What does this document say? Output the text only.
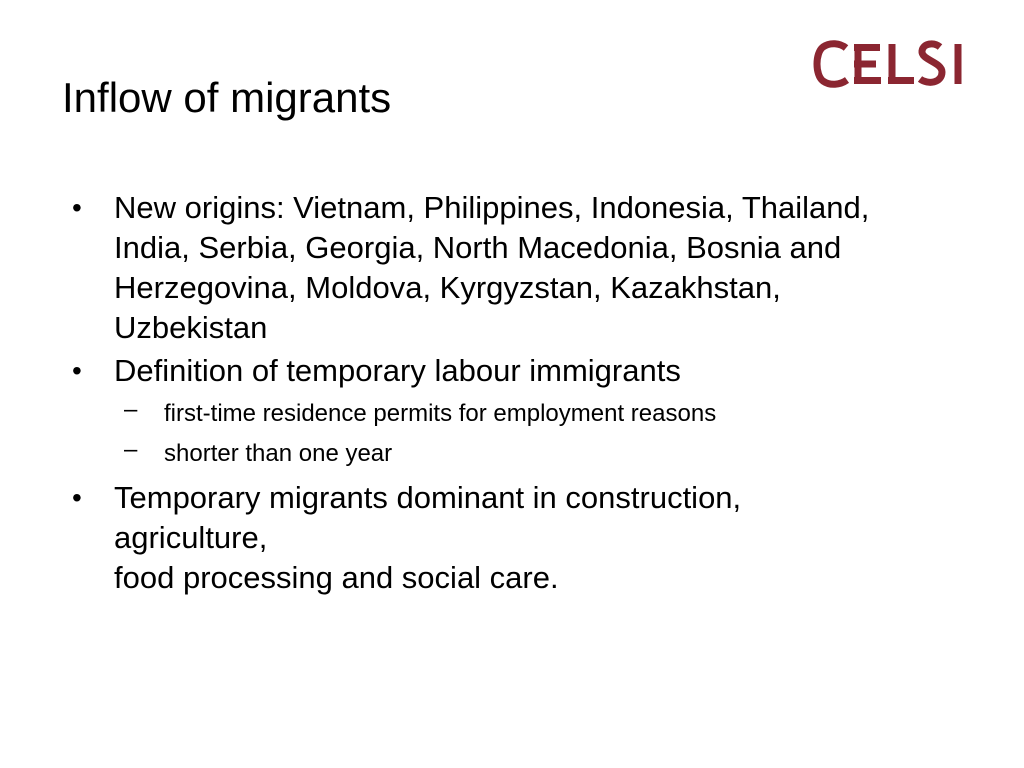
Inflow of migrants
• New origins: Vietnam, Philippines, Indonesia, Thailand,
India, Serbia, Georgia, North Macedonia, Bosnia and
Herzegovina, Moldova, Kyrgyzstan, Kazakhstan,
Uzbekistan
• Definition of temporary labour immigrants
– first-time residence permits for employment reasons
– shorter than one year
• Temporary migrants dominant in construction,
agriculture,
food processing and social care.
